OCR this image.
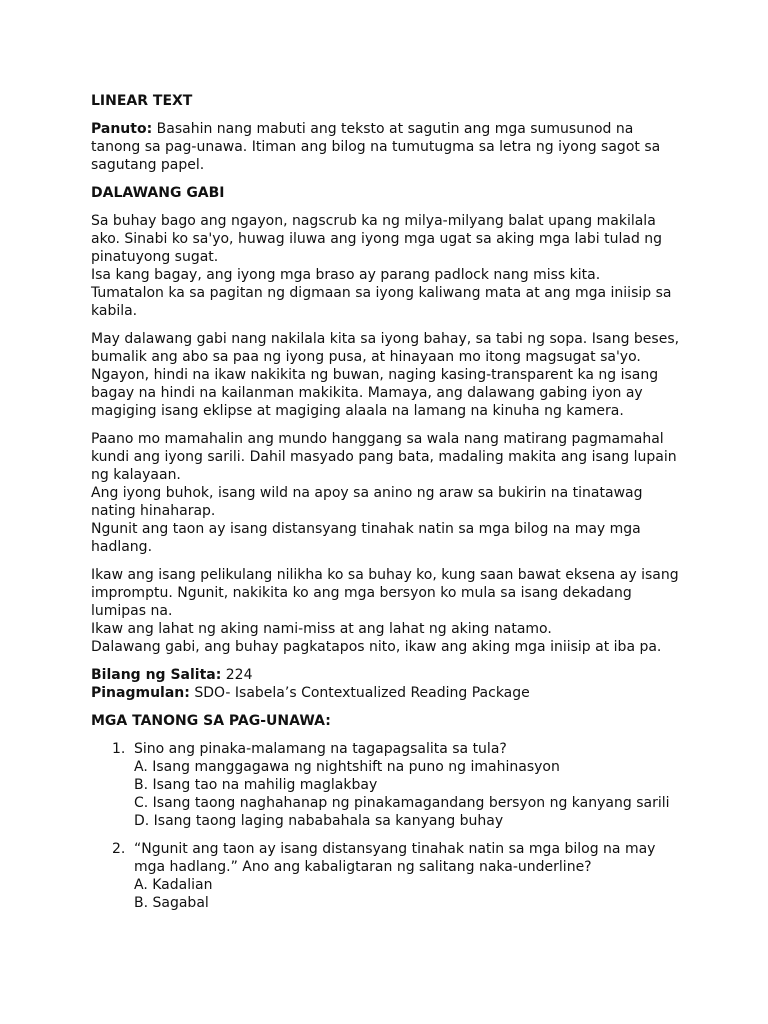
LINEAR TEXT
Panuto: Basahin nang mabuti ang teksto at sagutin ang mga sumusunod na
tanong sa pag-unawa. Itiman ang bilog na tumutugma sa letra ng iyong sagot sa
sagutang papel.
DALAWANG GABI
Sa buhay bago ang ngayon, nagscrub ka ng milya-milyang balat upang makilala
ako. Sinabi ko sa'yo, huwag iluwa ang iyong mga ugat sa aking mga labi tulad ng
pinatuyong sugat.
Isa kang bagay, ang iyong mga braso ay parang padlock nang miss kita.
Tumatalon ka sa pagitan ng digmaan sa iyong kaliwang mata at ang mga iniisip sa
kabila.
May dalawang gabi nang nakilala kita sa iyong bahay, sa tabi ng sopa. Isang beses,
bumalik ang abo sa paa ng iyong pusa, at hinayaan mo itong magsugat sa'yo.
Ngayon, hindi na ikaw nakikita ng buwan, naging kasing-transparent ka ng isang
bagay na hindi na kailanman makikita. Mamaya, ang dalawang gabing iyon ay
magiging isang eklipse at magiging alaala na lamang na kinuha ng kamera.
Paano mo mamahalin ang mundo hanggang sa wala nang matirang pagmamahal
kundi ang iyong sarili. Dahil masyado pang bata, madaling makita ang isang lupain
ng kalayaan.
Ang iyong buhok, isang wild na apoy sa anino ng araw sa bukirin na tinatawag
nating hinaharap.
Ngunit ang taon ay isang distansyang tinahak natin sa mga bilog na may mga
hadlang.
Ikaw ang isang pelikulang nilikha ko sa buhay ko, kung saan bawat eksena ay isang
impromptu. Ngunit, nakikita ko ang mga bersyon ko mula sa isang dekadang
lumipas na.
Ikaw ang lahat ng aking nami-miss at ang lahat ng aking natamo.
Dalawang gabi, ang buhay pagkatapos nito, ikaw ang aking mga iniisip at iba pa.
Bilang ng Salita: 224
Pinagmulan: SDO- Isabela’s Contextualized Reading Package
MGA TANONG SA PAG-UNAWA:
1. Sino ang pinaka-malamang na tagapagsalita sa tula?
A. Isang manggagawa ng nightshift na puno ng imahinasyon
B. Isang tao na mahilig maglakbay
C. Isang taong naghahanap ng pinakamagandang bersyon ng kanyang sarili
D. Isang taong laging nababahala sa kanyang buhay
2. “Ngunit ang taon ay isang distansyang tinahak natin sa mga bilog na may
mga hadlang.” Ano ang kabaligtaran ng salitang naka-underline?
A. Kadalian
B. Sagabal
